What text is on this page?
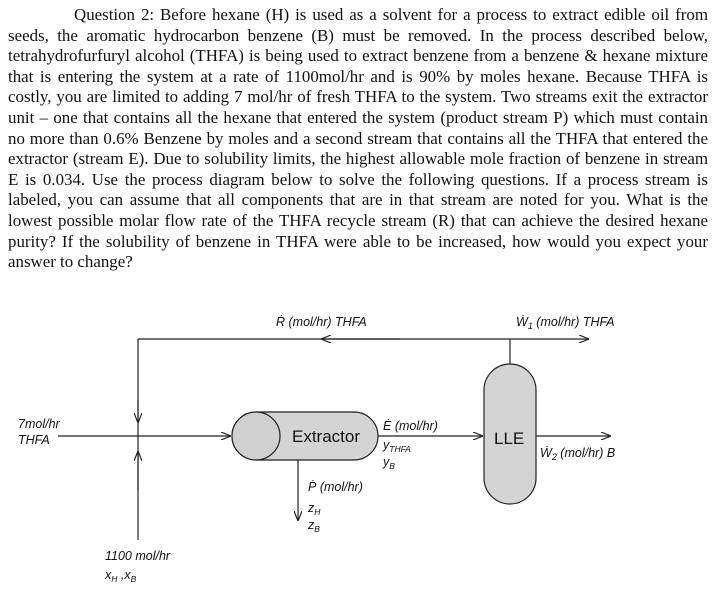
Question 2: Before hexane (H) is used as a solvent for a process to extract edible oil from seeds, the aromatic hydrocarbon benzene (B) must be removed. In the process described below, tetrahydrofurfuryl alcohol (THFA) is being used to extract benzene from a benzene & hexane mixture that is entering the system at a rate of 1100mol/hr and is 90% by moles hexane. Because THFA is costly, you are limited to adding 7 mol/hr of fresh THFA to the system. Two streams exit the extractor unit – one that contains all the hexane that entered the system (product stream P) which must contain no more than 0.6% Benzene by moles and a second stream that contains all the THFA that entered the extractor (stream E). Due to solubility limits, the highest allowable mole fraction of benzene in stream E is 0.034. Use the process diagram below to solve the following questions. If a process stream is labeled, you can assume that all components that are in that stream are noted for you. What is the lowest possible molar flow rate of the THFA recycle stream (R) that can achieve the desired hexane purity? If the solubility of benzene in THFA were able to be increased, how would you expect your answer to change?

Extractor	LLE
Ṙ (mol/hr) THFA	Ẇ$_1$ (mol/hr) THFA
7mol/hr
THFA
Ė (mol/hr)
$y_{THFA}$
$y_B$
Ẇ$_2$ (mol/hr) B
Ṗ (mol/hr)
$z_H$
$z_B$
1100 mol/hr
$x_H$ $,x_B$
